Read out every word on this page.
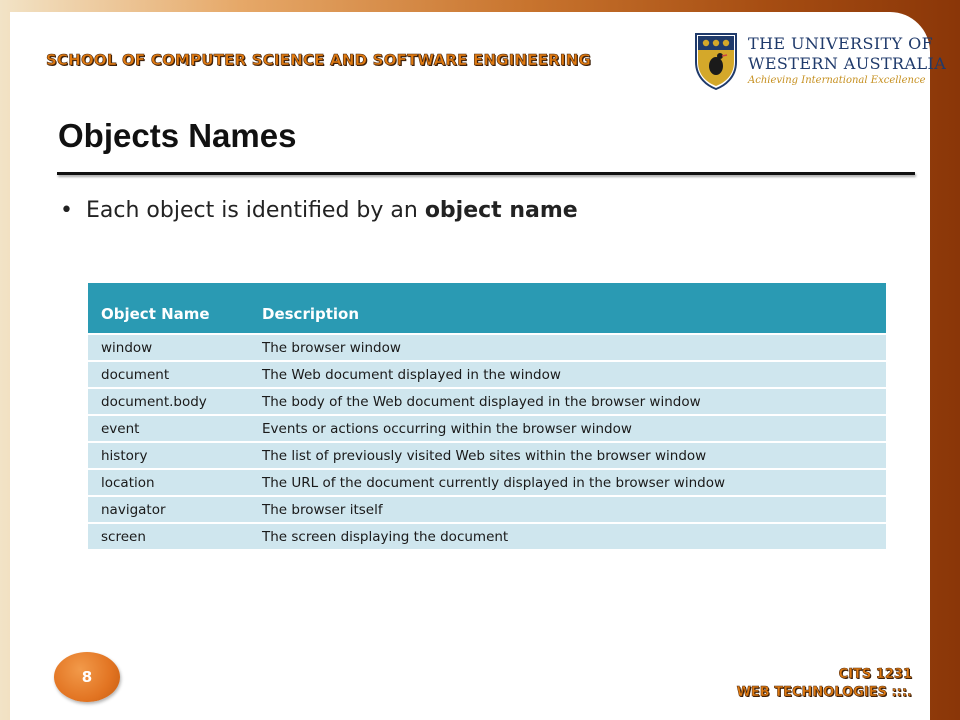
SCHOOL OF COMPUTER SCIENCE AND SOFTWARE ENGINEERING
THE UNIVERSITY OF
WESTERN AUSTRALIA
Achieving International Excellence
Objects Names
• Each object is identified by an object name
Object Name	Description
window	The browser window
document	The Web document displayed in the window
document.body	The body of the Web document displayed in the browser window
event	Events or actions occurring within the browser window
history	The list of previously visited Web sites within the browser window
location	The URL of the document currently displayed in the browser window
navigator	The browser itself
screen	The screen displaying the document
8	CITS 1231
WEB TECHNOLOGIES :::.
